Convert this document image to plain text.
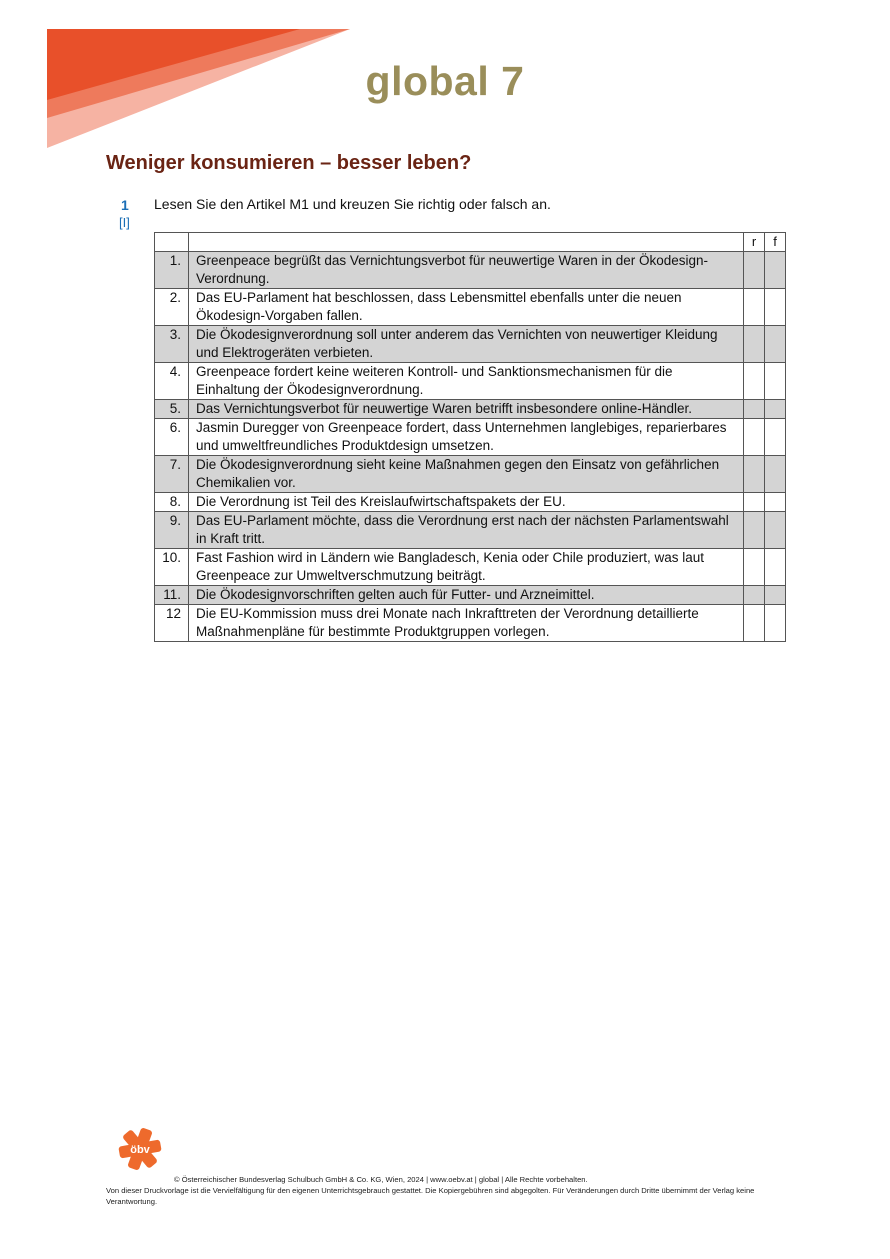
global 7
Weniger konsumieren – besser leben?
1
[I]
Lesen Sie den Artikel M1 und kreuzen Sie richtig oder falsch an.
		r	f
1.	Greenpeace begrüßt das Vernichtungsverbot für neuwertige Waren in der Ökodesign-Verordnung.		
2.	Das EU-Parlament hat beschlossen, dass Lebensmittel ebenfalls unter die neuen Ökodesign-Vorgaben fallen.		
3.	Die Ökodesignverordnung soll unter anderem das Vernichten von neuwertiger Kleidung und Elektrogeräten verbieten.		
4.	Greenpeace fordert keine weiteren Kontroll- und Sanktionsmechanismen für die Einhaltung der Ökodesignverordnung.		
5.	Das Vernichtungsverbot für neuwertige Waren betrifft insbesondere online-Händler.		
6.	Jasmin Duregger von Greenpeace fordert, dass Unternehmen langlebiges, reparierbares und umweltfreundliches Produktdesign umsetzen.		
7.	Die Ökodesignverordnung sieht keine Maßnahmen gegen den Einsatz von gefährlichen Chemikalien vor.		
8.	Die Verordnung ist Teil des Kreislaufwirtschaftspakets der EU.		
9.	Das EU-Parlament möchte, dass die Verordnung erst nach der nächsten Parlamentswahl in Kraft tritt.		
10.	Fast Fashion wird in Ländern wie Bangladesch, Kenia oder Chile produziert, was laut Greenpeace zur Umweltverschmutzung beiträgt.		
11.	Die Ökodesignvorschriften gelten auch für Futter- und Arzneimittel.		
12	Die EU-Kommission muss drei Monate nach Inkrafttreten der Verordnung detaillierte Maßnahmenpläne für bestimmte Produktgruppen vorlegen.		
öbv
© Österreichischer Bundesverlag Schulbuch GmbH & Co. KG, Wien, 2024 | www.oebv.at | global | Alle Rechte vorbehalten.
Von dieser Druckvorlage ist die Vervielfältigung für den eigenen Unterrichtsgebrauch gestattet. Die Kopiergebühren sind abgegolten. Für Veränderungen durch Dritte übernimmt der Verlag keine Verantwortung.
